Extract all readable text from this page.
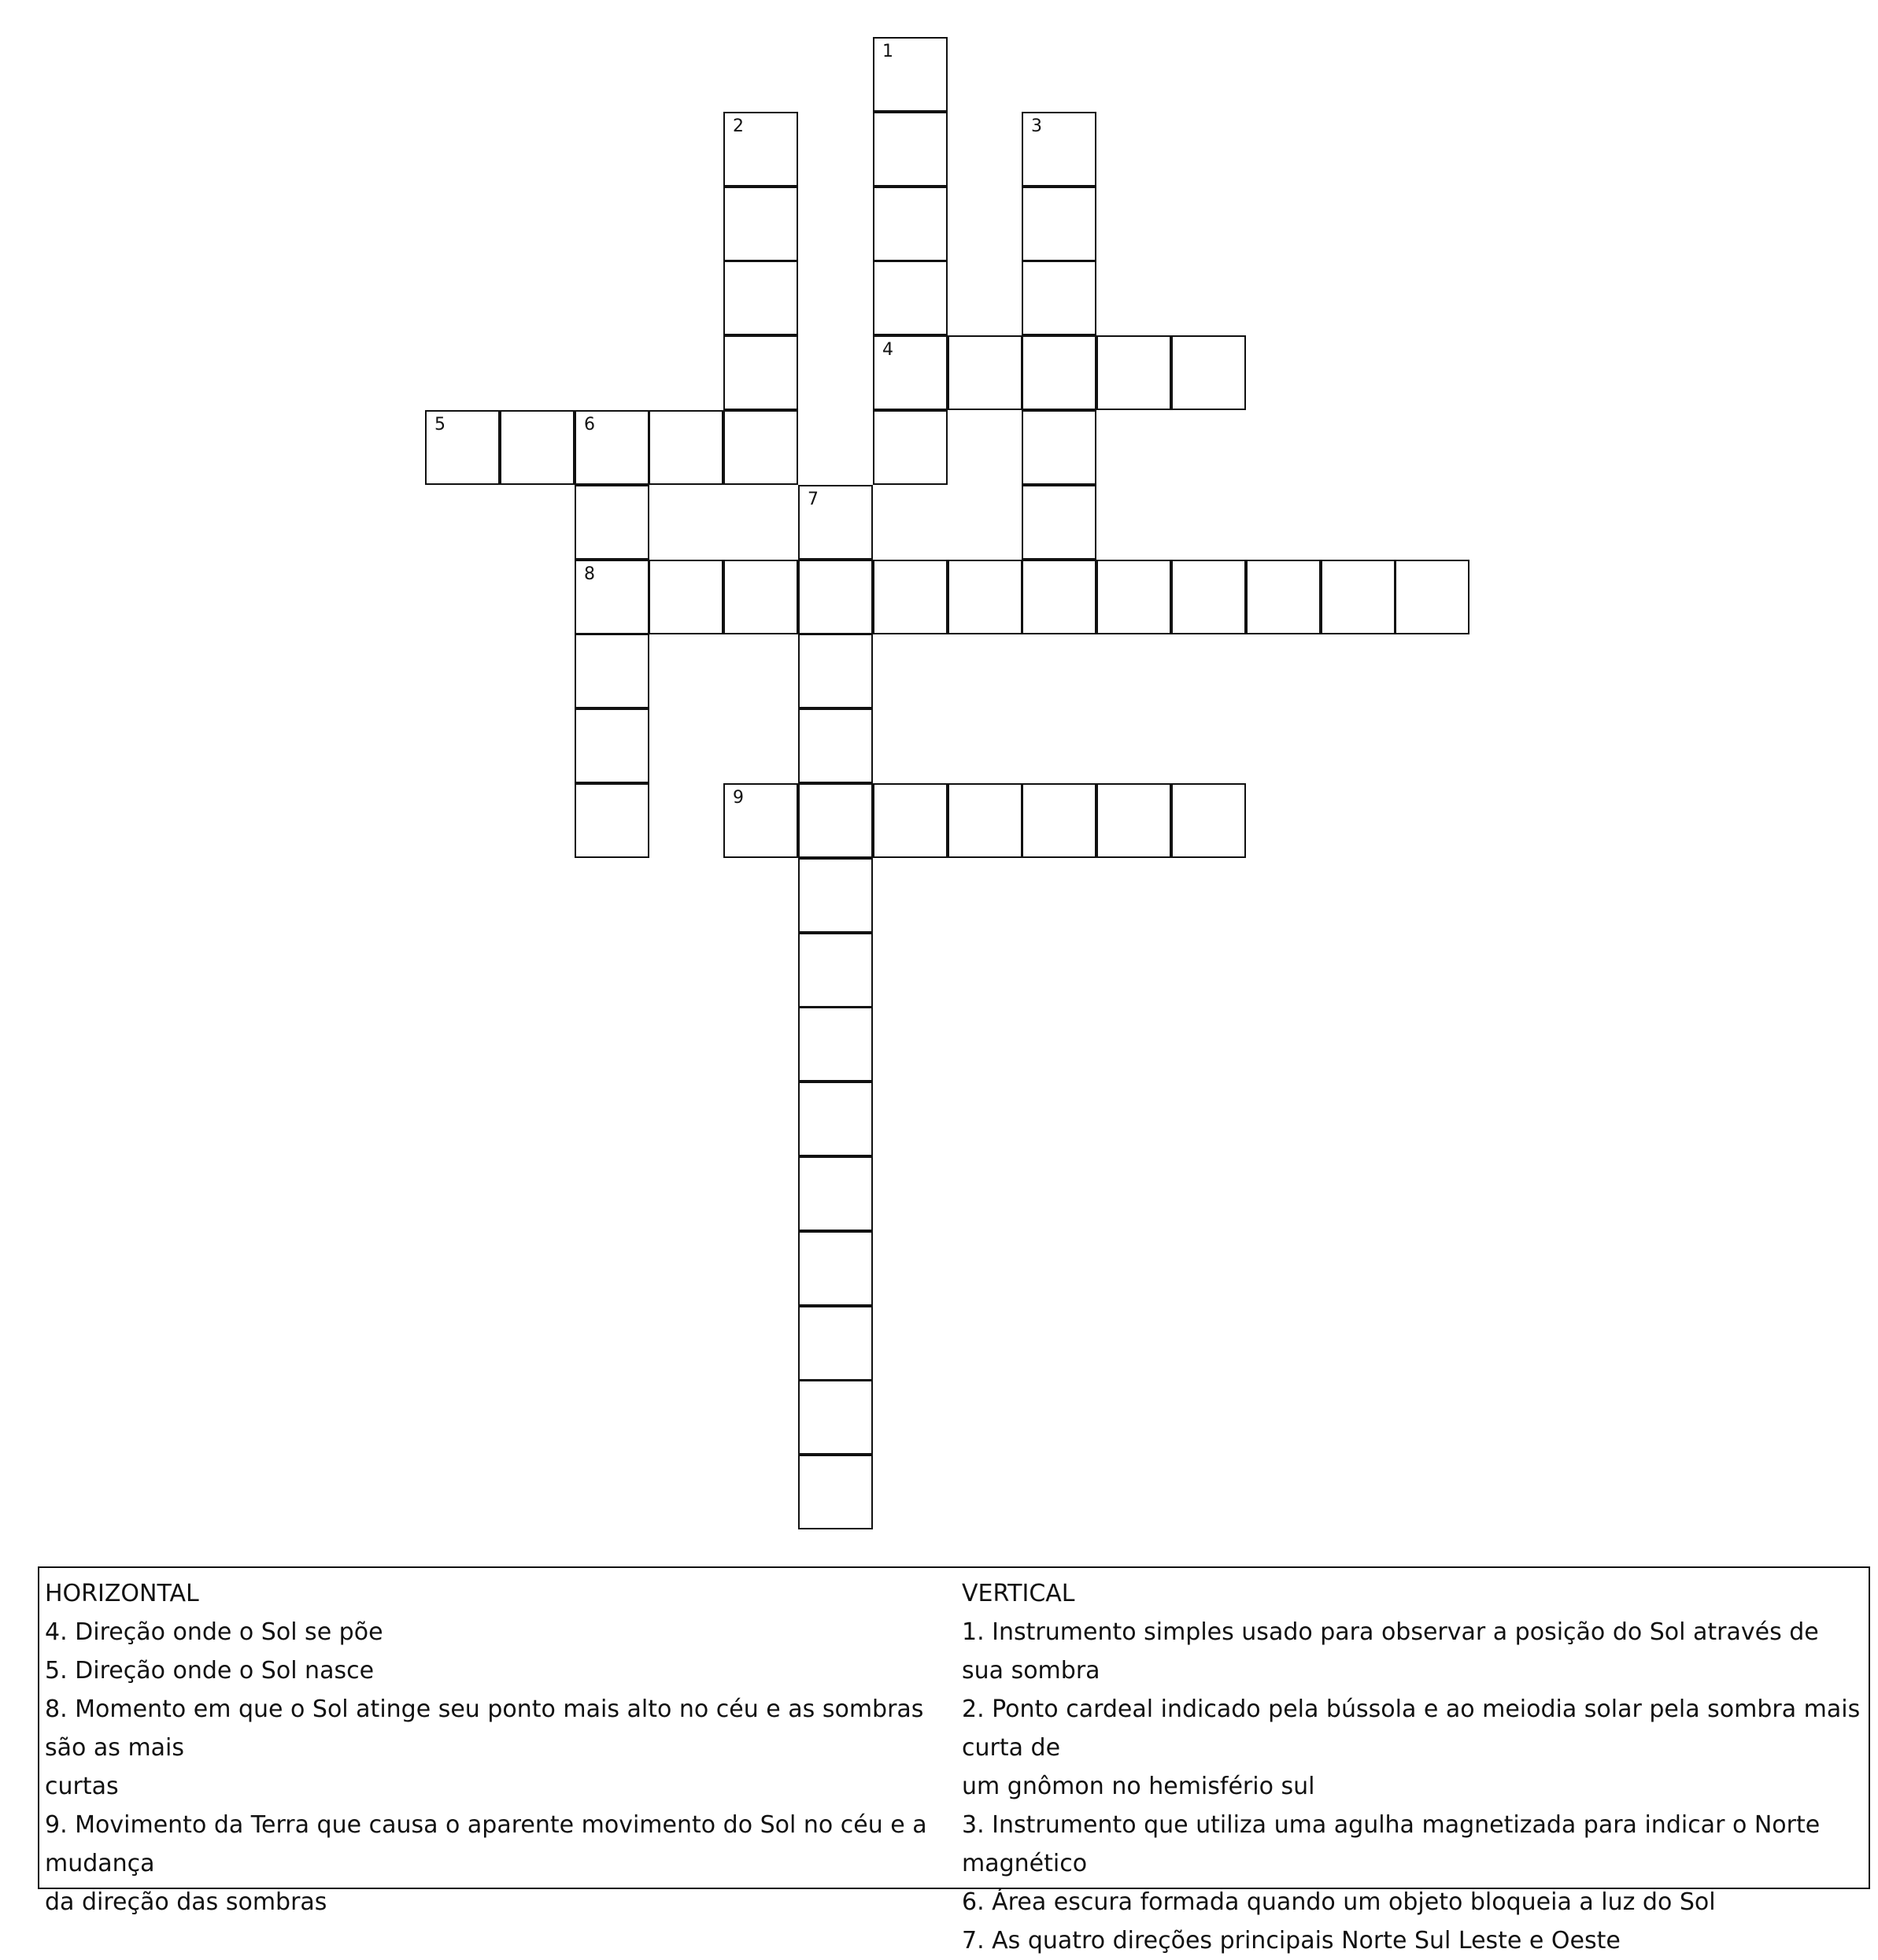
1
2	3
4
5	6
7
8
9
HORIZONTAL
4. Direção onde o Sol se põe
5. Direção onde o Sol nasce
8. Momento em que o Sol atinge seu ponto mais alto no céu e as sombras são as mais
curtas
9. Movimento da Terra que causa o aparente movimento do Sol no céu e a mudança
da direção das sombras
VERTICAL
1. Instrumento simples usado para observar a posição do Sol através de sua sombra
2. Ponto cardeal indicado pela bússola e ao meiodia solar pela sombra mais curta de
um gnômon no hemisfério sul
3. Instrumento que utiliza uma agulha magnetizada para indicar o Norte magnético
6. Área escura formada quando um objeto bloqueia a luz do Sol
7. As quatro direções principais Norte Sul Leste e Oeste
